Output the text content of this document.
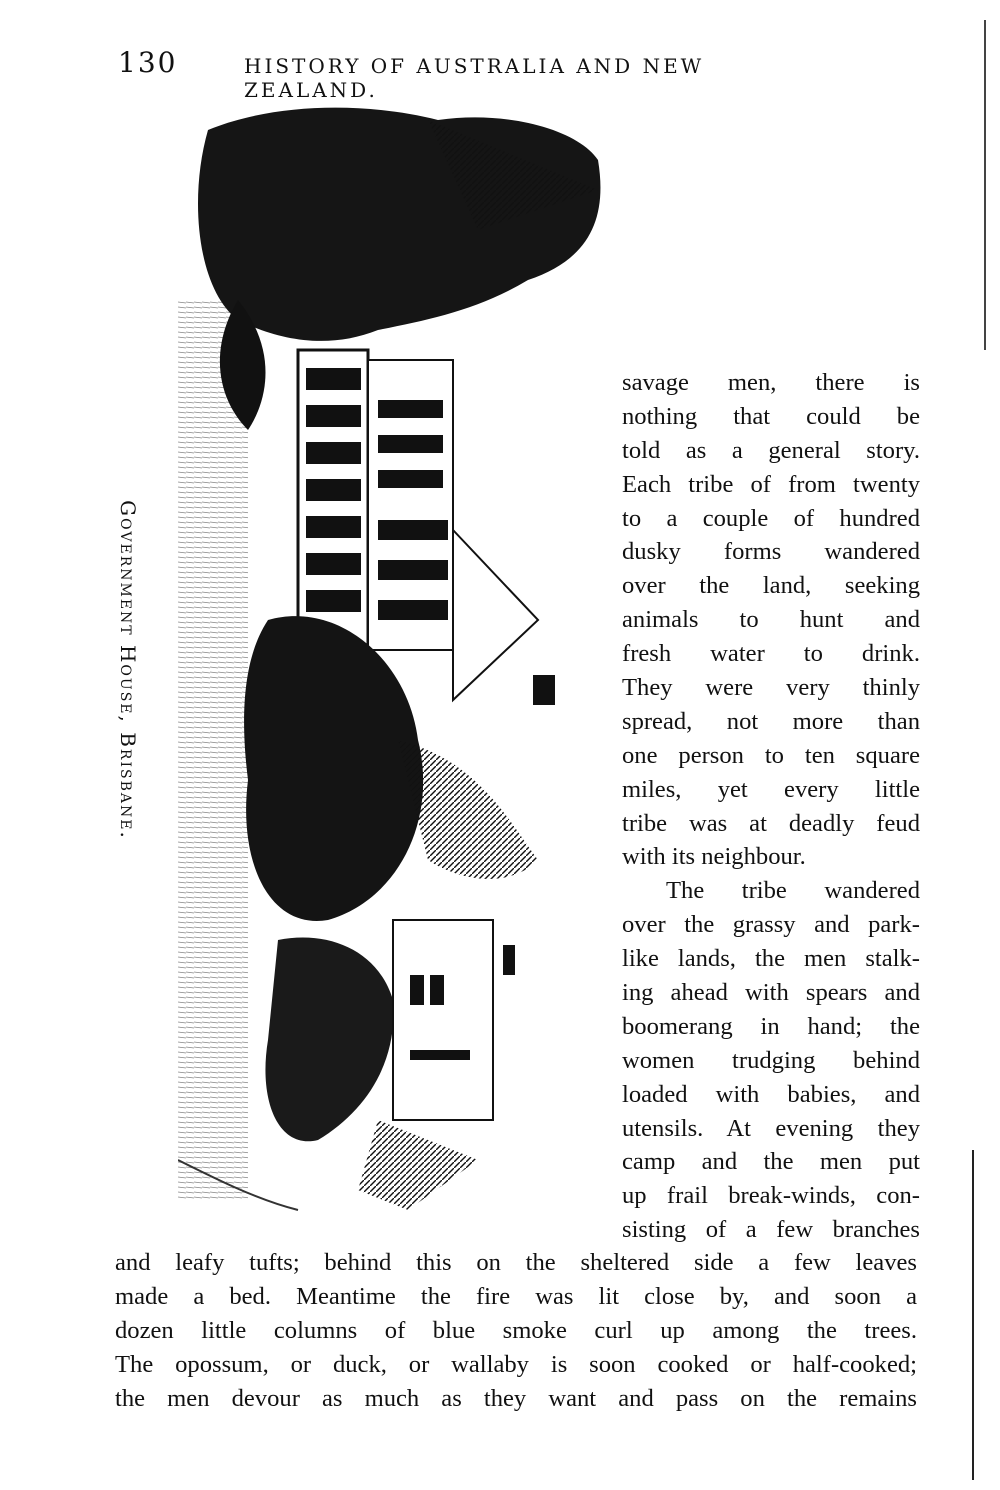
130	HISTORY OF AUSTRALIA AND NEW ZEALAND.
Government House, Brisbane.
savage men, there is
nothing that could be
told as a general story.
Each tribe of from twenty
to a couple of hundred
dusky forms wandered
over the land, seeking
animals to hunt and
fresh water to drink.
They were very thinly
spread, not more than
one person to ten square
miles, yet every little
tribe was at deadly feud
with its neighbour.
The tribe wandered
over the grassy and park-
like lands, the men stalk-
ing ahead with spears and
boomerang in hand; the
women trudging behind
loaded with babies, and
utensils. At evening they
camp and the men put
up frail break-winds, con-
sisting of a few branches
and leafy tufts; behind this on the sheltered side a few leaves
made a bed. Meantime the fire was lit close by, and soon a
dozen little columns of blue smoke curl up among the trees.
The opossum, or duck, or wallaby is soon cooked or half-cooked;
the men devour as much as they want and pass on the remains
